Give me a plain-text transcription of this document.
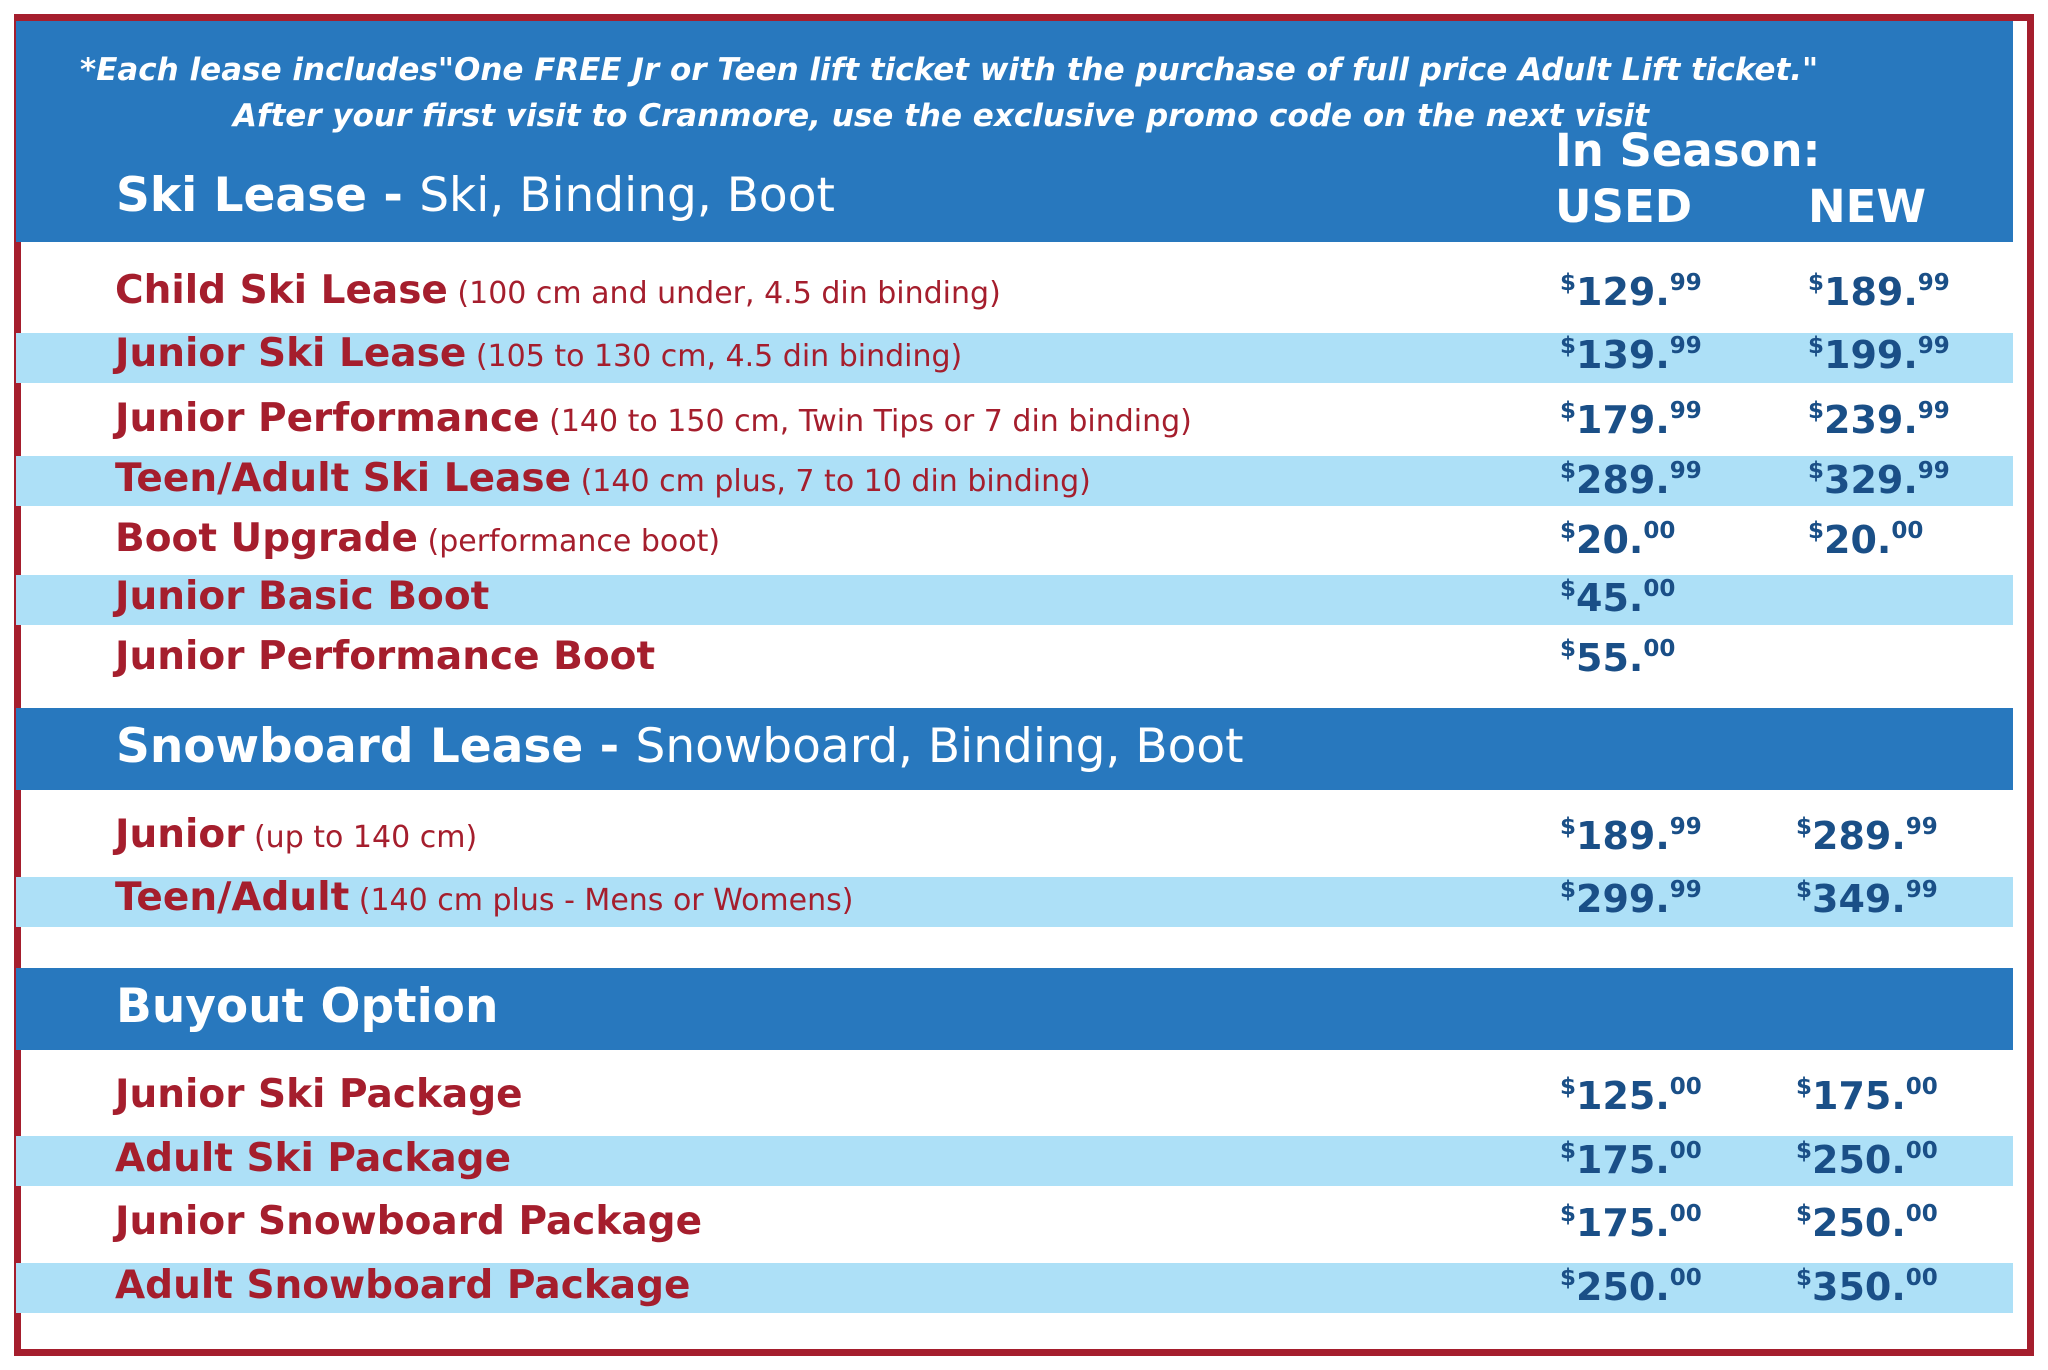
*Each lease includes"One FREE Jr or Teen lift ticket with the purchase of full price Adult Lift ticket."
After your first visit to Cranmore, use the exclusive promo code on the next visit
In Season:
USED	NEW
Ski Lease - Ski, Binding, Boot
Child Ski Lease (100 cm and under, 4.5 din binding)	$129.99	$189.99
Junior Ski Lease (105 to 130 cm, 4.5 din binding)	$139.99	$199.99
Junior Performance (140 to 150 cm, Twin Tips or 7 din binding)	$179.99	$239.99
Teen/Adult Ski Lease (140 cm plus, 7 to 10 din binding)	$289.99	$329.99
Boot Upgrade (performance boot)	$20.00	$20.00
Junior Basic Boot	$45.00
Junior Performance Boot	$55.00
Snowboard Lease - Snowboard, Binding, Boot
Junior (up to 140 cm)	$189.99	$289.99
Teen/Adult (140 cm plus - Mens or Womens)	$299.99	$349.99
Buyout Option
Junior Ski Package	$125.00	$175.00
Adult Ski Package	$175.00	$250.00
Junior Snowboard Package	$175.00	$250.00
Adult Snowboard Package	$250.00	$350.00
